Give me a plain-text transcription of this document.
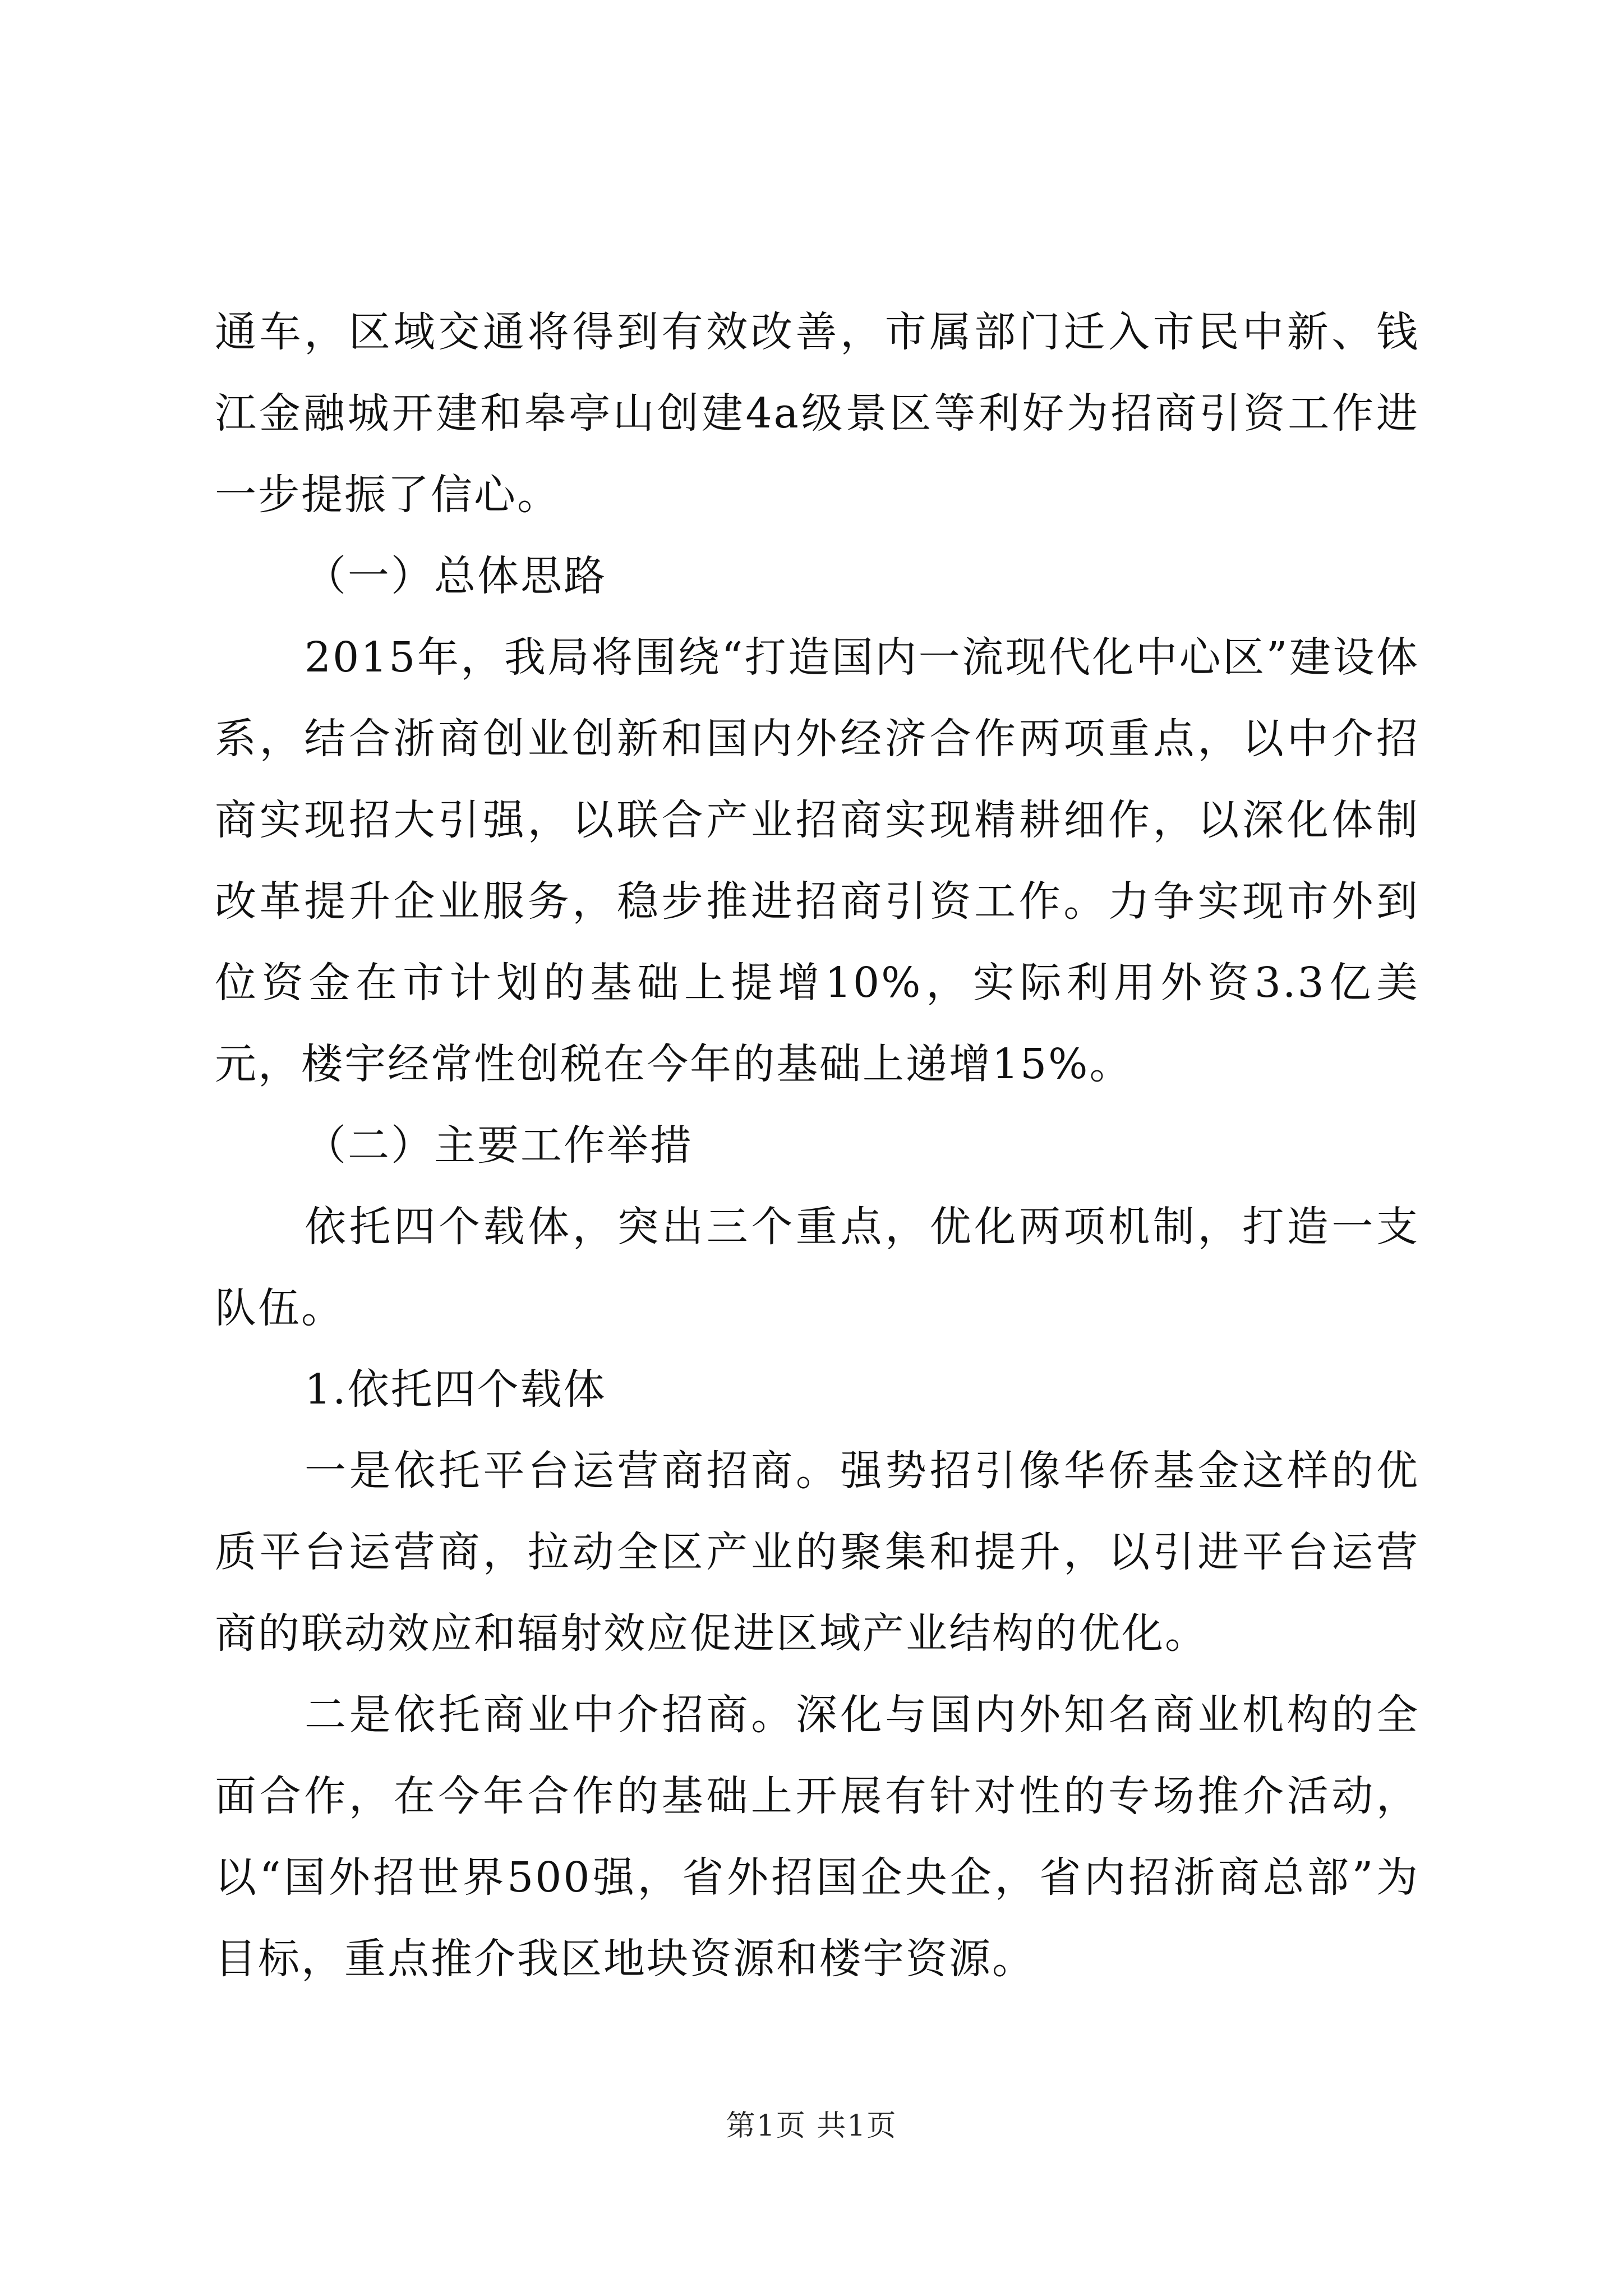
通车，区域交通将得到有效改善，市属部门迁入市民中新、钱江金融城开建和皋亭山创建4a级景区等利好为招商引资工作进一步提振了信心。

（一）总体思路

2015年，我局将围绕“打造国内一流现代化中心区”建设体系，结合浙商创业创新和国内外经济合作两项重点，以中介招商实现招大引强，以联合产业招商实现精耕细作，以深化体制改革提升企业服务，稳步推进招商引资工作。力争实现市外到位资金在市计划的基础上提增10%，实际利用外资3.3亿美元，楼宇经常性创税在今年的基础上递增15%。

（二）主要工作举措

依托四个载体，突出三个重点，优化两项机制，打造一支队伍。

1.依托四个载体

一是依托平台运营商招商。强势招引像华侨基金这样的优质平台运营商，拉动全区产业的聚集和提升，以引进平台运营商的联动效应和辐射效应促进区域产业结构的优化。

二是依托商业中介招商。深化与国内外知名商业机构的全面合作，在今年合作的基础上开展有针对性的专场推介活动，以“国外招世界500强，省外招国企央企，省内招浙商总部”为目标，重点推介我区地块资源和楼宇资源。

第1页 共1页
